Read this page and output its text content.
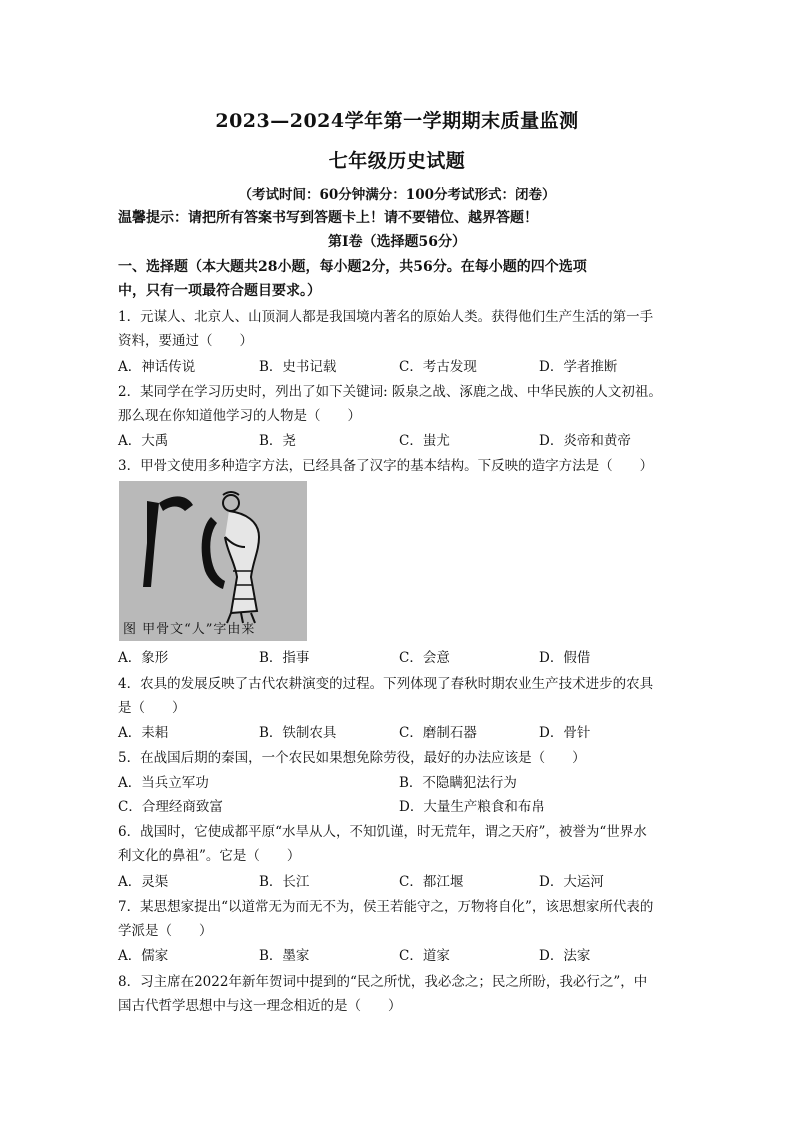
2023—2024学年第一学期期末质量监测
七年级历史试题
（考试时间：60分钟满分：100分考试形式：闭卷）
温馨提示：请把所有答案书写到答题卡上！请不要错位、越界答题！
第Ⅰ卷（选择题56分）
一、选择题（本大题共28小题，每小题2分，共56分。在每小题的四个选项
中，只有一项最符合题目要求。）
1．元谋人、北京人、山顶洞人都是我国境内著名的原始人类。获得他们生产生活的第一手
资料，要通过（　　）
A．神话传说	B．史书记载	C．考古发现	D．学者推断
2．某同学在学习历史时，列出了如下关键词: 阪泉之战、涿鹿之战、中华民族的人文初祖。
那么现在你知道他学习的人物是（　　）
A．大禹	B．尧	C．蚩尤	D．炎帝和黄帝
3．甲骨文使用多种造字方法，已经具备了汉字的基本结构。下反映的造字方法是（　　）
图 甲骨文“人”字由来
A．象形	B．指事	C．会意	D．假借
4．农具的发展反映了古代农耕演变的过程。下列体现了春秋时期农业生产技术进步的农具
是（　　）
A．耒耜	B．铁制农具	C．磨制石器	D．骨针
5．在战国后期的秦国，一个农民如果想免除劳役，最好的办法应该是（　　）
A．当兵立军功	B．不隐瞒犯法行为
C．合理经商致富	D．大量生产粮食和布帛
6．战国时，它使成都平原“水旱从人，不知饥谨，时无荒年，谓之天府”，被誉为“世界水
利文化的鼻祖”。它是（　　）
A．灵渠	B．长江	C．都江堰	D．大运河
7．某思想家提出“以道常无为而无不为，侯王若能守之，万物将自化”，该思想家所代表的
学派是（　　）
A．儒家	B．墨家	C．道家	D．法家
8．习主席在2022年新年贺词中提到的“民之所忧，我必念之；民之所盼，我必行之”，中
国古代哲学思想中与这一理念相近的是（　　）
